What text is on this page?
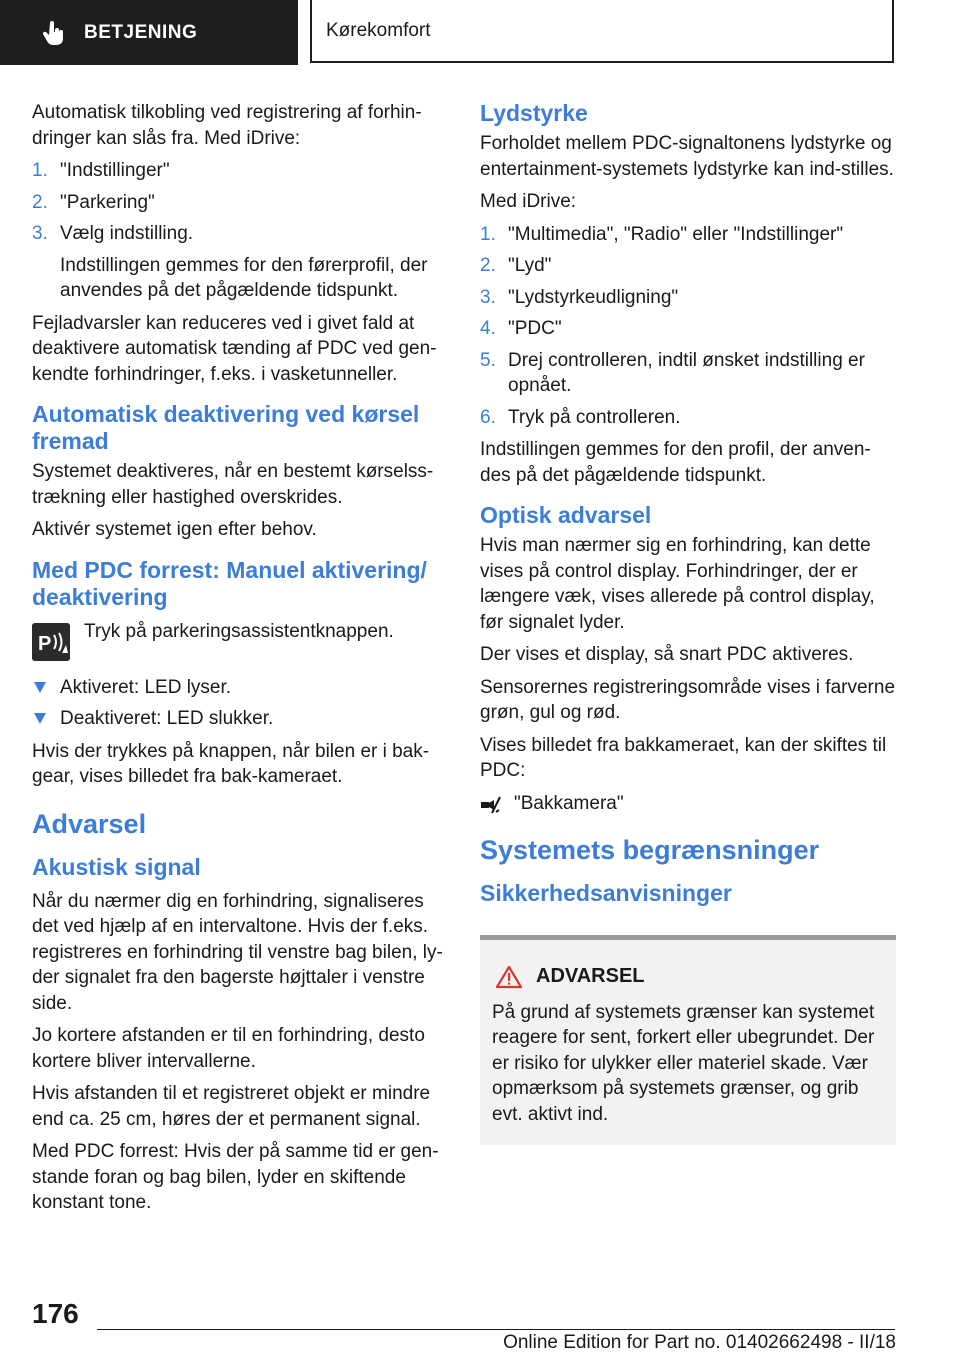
BETJENING	Kørekomfort

Automatisk tilkobling ved registrering af forhin-dringer kan slås fra. Med iDrive:

1. "Indstillinger"
2. "Parkering"
3. Vælg indstilling.
Indstillingen gemmes for den førerprofil, der anvendes på det pågældende tidspunkt.

Fejladvarsler kan reduceres ved i givet fald at deaktivere automatisk tænding af PDC ved gen-kendte forhindringer, f.eks. i vasketunneller.

Automatisk deaktivering ved kørsel fremad

Systemet deaktiveres, når en bestemt kørselss-trækning eller hastighed overskrides.

Aktivér systemet igen efter behov.

Med PDC forrest: Manuel aktivering/ deaktivering
P
Tryk på parkeringsassistentknappen.
Aktiveret: LED lyser.
Deaktiveret: LED slukker.

Hvis der trykkes på knappen, når bilen er i bak-gear, vises billedet fra bak-kameraet.

Advarsel
Akustisk signal

Når du nærmer dig en forhindring, signaliseres det ved hjælp af en intervaltone. Hvis der f.eks. registreres en forhindring til venstre bag bilen, ly-der signalet fra den bagerste højttaler i venstre side.

Jo kortere afstanden er til en forhindring, desto kortere bliver intervallerne.

Hvis afstanden til et registreret objekt er mindre end ca. 25 cm, høres der et permanent signal.

Med PDC forrest: Hvis der på samme tid er gen-stande foran og bag bilen, lyder en skiftende konstant tone.

Lydstyrke

Forholdet mellem PDC-signaltonens lydstyrke og entertainment-systemets lydstyrke kan ind-stilles.

Med iDrive:

1. "Multimedia", "Radio" eller "Indstillinger"
2. "Lyd"
3. "Lydstyrkeudligning"
4. "PDC"
5. Drej controlleren, indtil ønsket indstilling er opnået.
6. Tryk på controlleren.

Indstillingen gemmes for den profil, der anven-des på det pågældende tidspunkt.

Optisk advarsel

Hvis man nærmer sig en forhindring, kan dette vises på control display. Forhindringer, der er længere væk, vises allerede på control display, før signalet lyder.

Der vises et display, så snart PDC aktiveres.

Sensorernes registreringsområde vises i farverne grøn, gul og rød.

Vises billedet fra bakkameraet, kan der skiftes til PDC:

"Bakkamera"
Systemets begrænsninger
Sikkerhedsanvisninger
ADVARSEL

På grund af systemets grænser kan systemet reagere for sent, forkert eller ubegrundet. Der er risiko for ulykker eller materiel skade. Vær opmærksom på systemets grænser, og grib evt. aktivt ind.

176
Online Edition for Part no. 01402662498 - II/18
